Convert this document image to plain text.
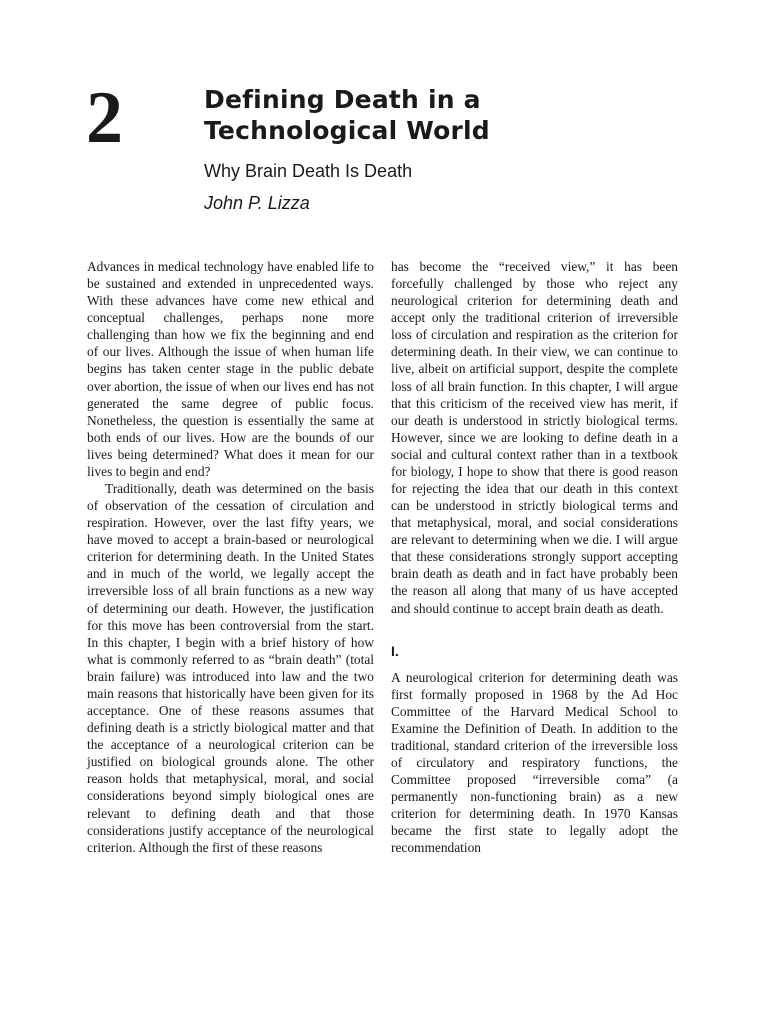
2	Defining Death in a
Technological World
Why Brain Death Is Death
John P. Lizza

Advances in medical technology have enabled life to be sustained and extended in unprecedented ways. With these advances have come new ethical and conceptual challenges, perhaps none more challenging than how we fix the beginning and end of our lives. Although the issue of when human life begins has taken center stage in the public debate over abortion, the issue of when our lives end has not generated the same degree of public focus. Nonetheless, the question is essentially the same at both ends of our lives. How are the bounds of our lives being determined? What does it mean for our lives to begin and end?

Traditionally, death was determined on the basis of observation of the cessation of circulation and respiration. However, over the last fifty years, we have moved to accept a brain-based or neurological criterion for determining death. In the United States and in much of the world, we legally accept the irreversible loss of all brain functions as a new way of determining our death. However, the justification for this move has been controversial from the start. In this chapter, I begin with a brief history of how what is commonly referred to as “brain death” (total brain failure) was introduced into law and the two main reasons that historically have been given for its acceptance. One of these reasons assumes that defining death is a strictly biological matter and that the acceptance of a neurological criterion can be justified on biological grounds alone. The other reason holds that metaphysical, moral, and social considerations beyond simply biological ones are relevant to defining death and that those considerations justify acceptance of the neurological criterion. Although the first of these reasons

has become the “received view,” it has been forcefully challenged by those who reject any neurological criterion for determining death and accept only the traditional criterion of irreversible loss of circulation and respiration as the criterion for determining death. In their view, we can continue to live, albeit on artificial support, despite the complete loss of all brain function. In this chapter, I will argue that this criticism of the received view has merit, if our death is understood in strictly biological terms. However, since we are looking to define death in a social and cultural context rather than in a textbook for biology, I hope to show that there is good reason for rejecting the idea that our death in this context can be understood in strictly biological terms and that metaphysical, moral, and social considerations are relevant to determining when we die. I will argue that these considerations strongly support accepting brain death as death and in fact have probably been the reason all along that many of us have accepted and should continue to accept brain death as death.

I.

A neurological criterion for determining death was first formally proposed in 1968 by the Ad Hoc Committee of the Harvard Medical School to Examine the Definition of Death. In addition to the traditional, standard criterion of the irreversible loss of circulatory and respiratory functions, the Committee proposed “irreversible coma” (a permanently non-functioning brain) as a new criterion for determining death. In 1970 Kansas became the first state to legally adopt the recommendation
